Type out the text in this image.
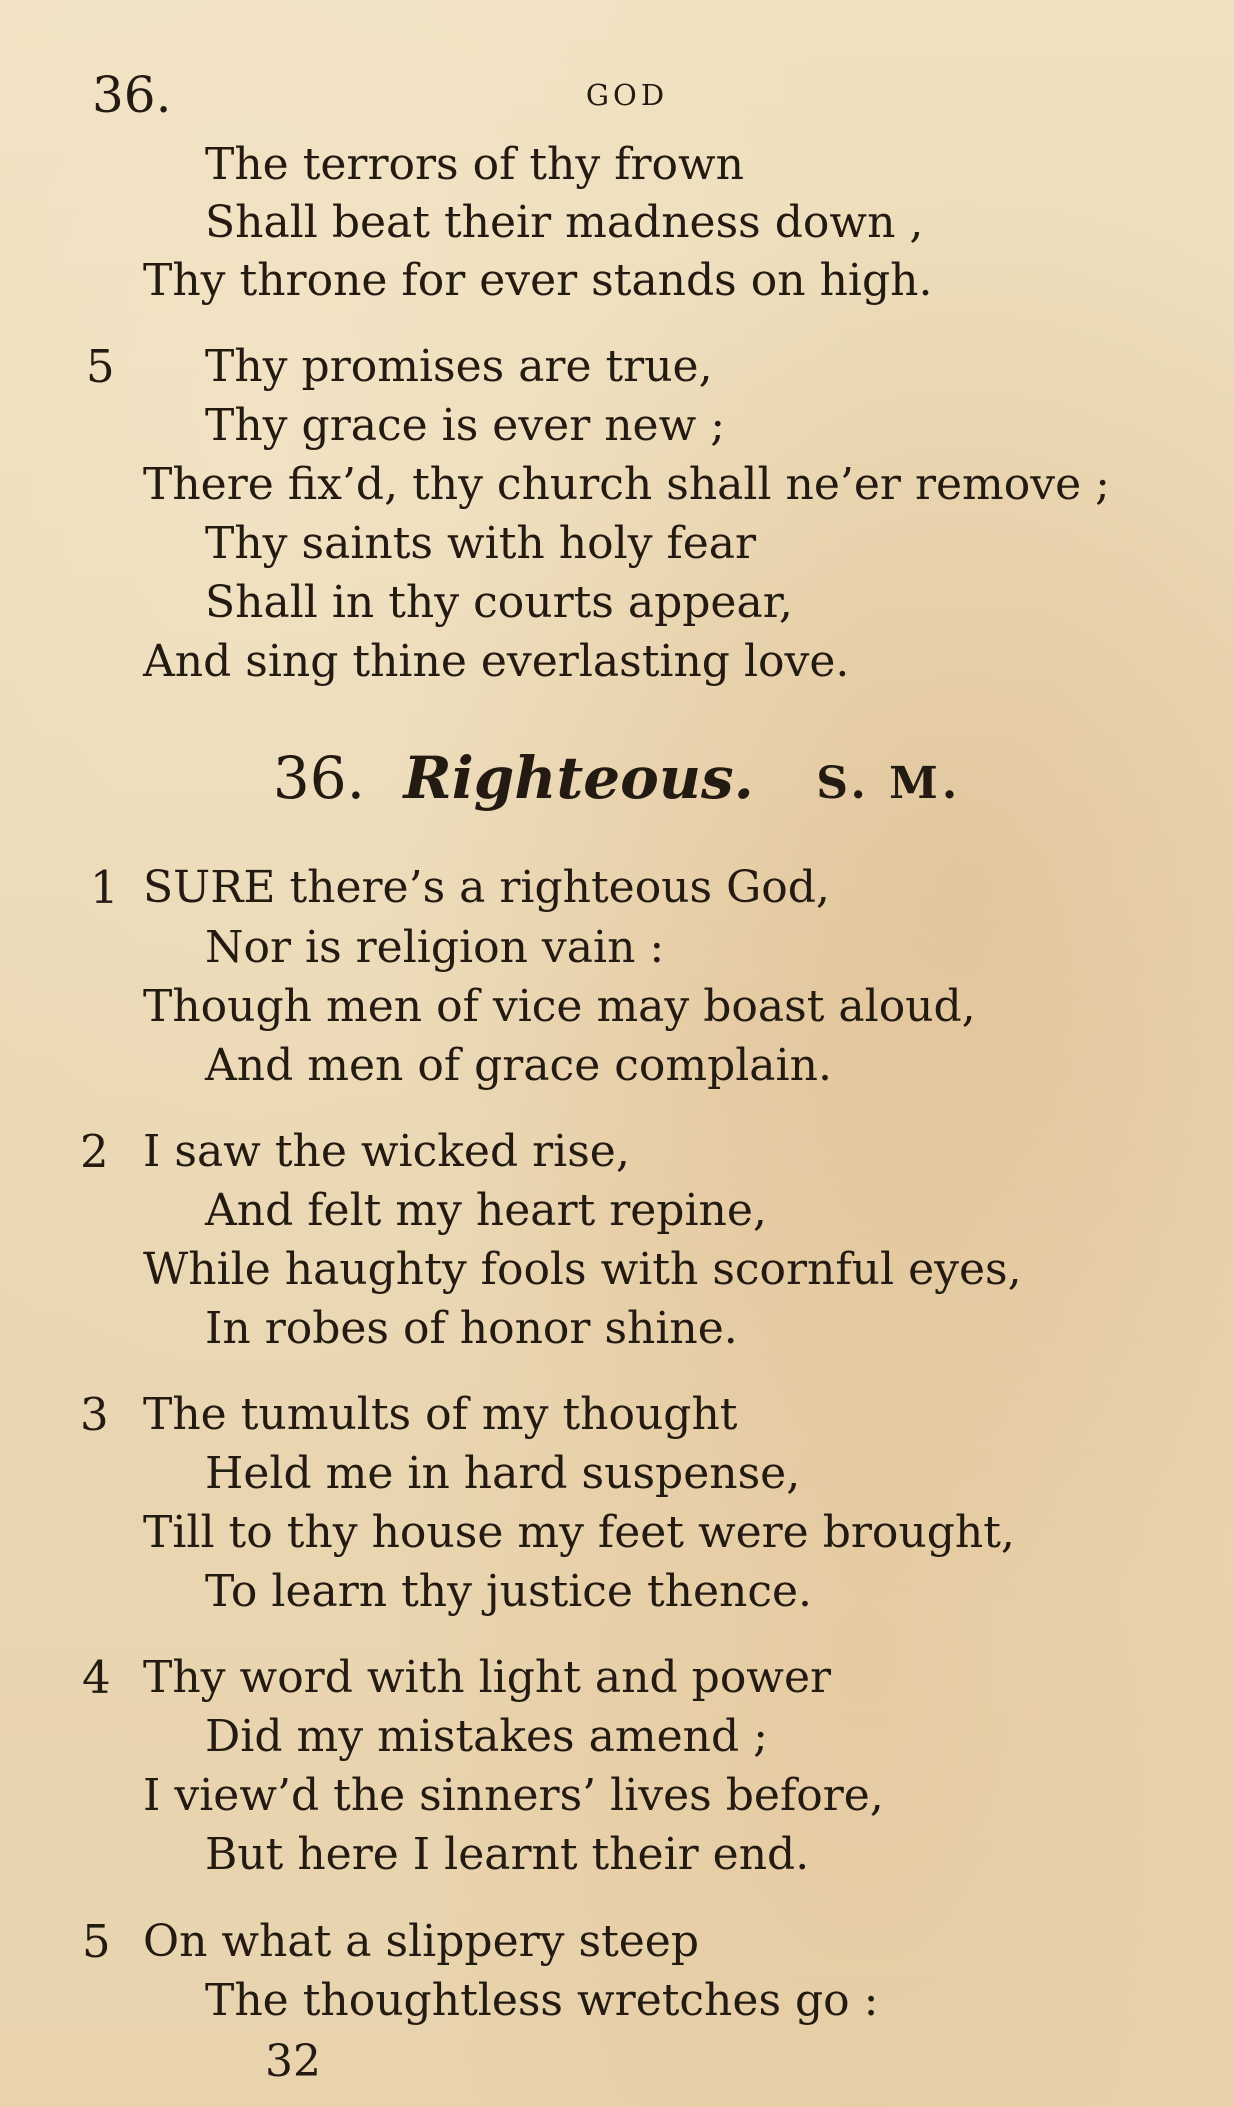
36.	GOD
The terrors of thy frown
Shall beat their madness down ,
Thy throne for ever stands on high.
5 Thy promises are true,
Thy grace is ever new ;
There fix’d, thy church shall ne’er remove ;
Thy saints with holy fear
Shall in thy courts appear,
And sing thine everlasting love.
36. Righteous. S. M.
1 SURE there’s a righteous God,
Nor is religion vain :
Though men of vice may boast aloud,
And men of grace complain.
2 I saw the wicked rise,
And felt my heart repine,
While haughty fools with scornful eyes,
In robes of honor shine.
3 The tumults of my thought
Held me in hard suspense,
Till to thy house my feet were brought,
To learn thy justice thence.
4 Thy word with light and power
Did my mistakes amend ;
I view’d the sinners’ lives before,
But here I learnt their end.
5 On what a slippery steep
The thoughtless wretches go :
32
